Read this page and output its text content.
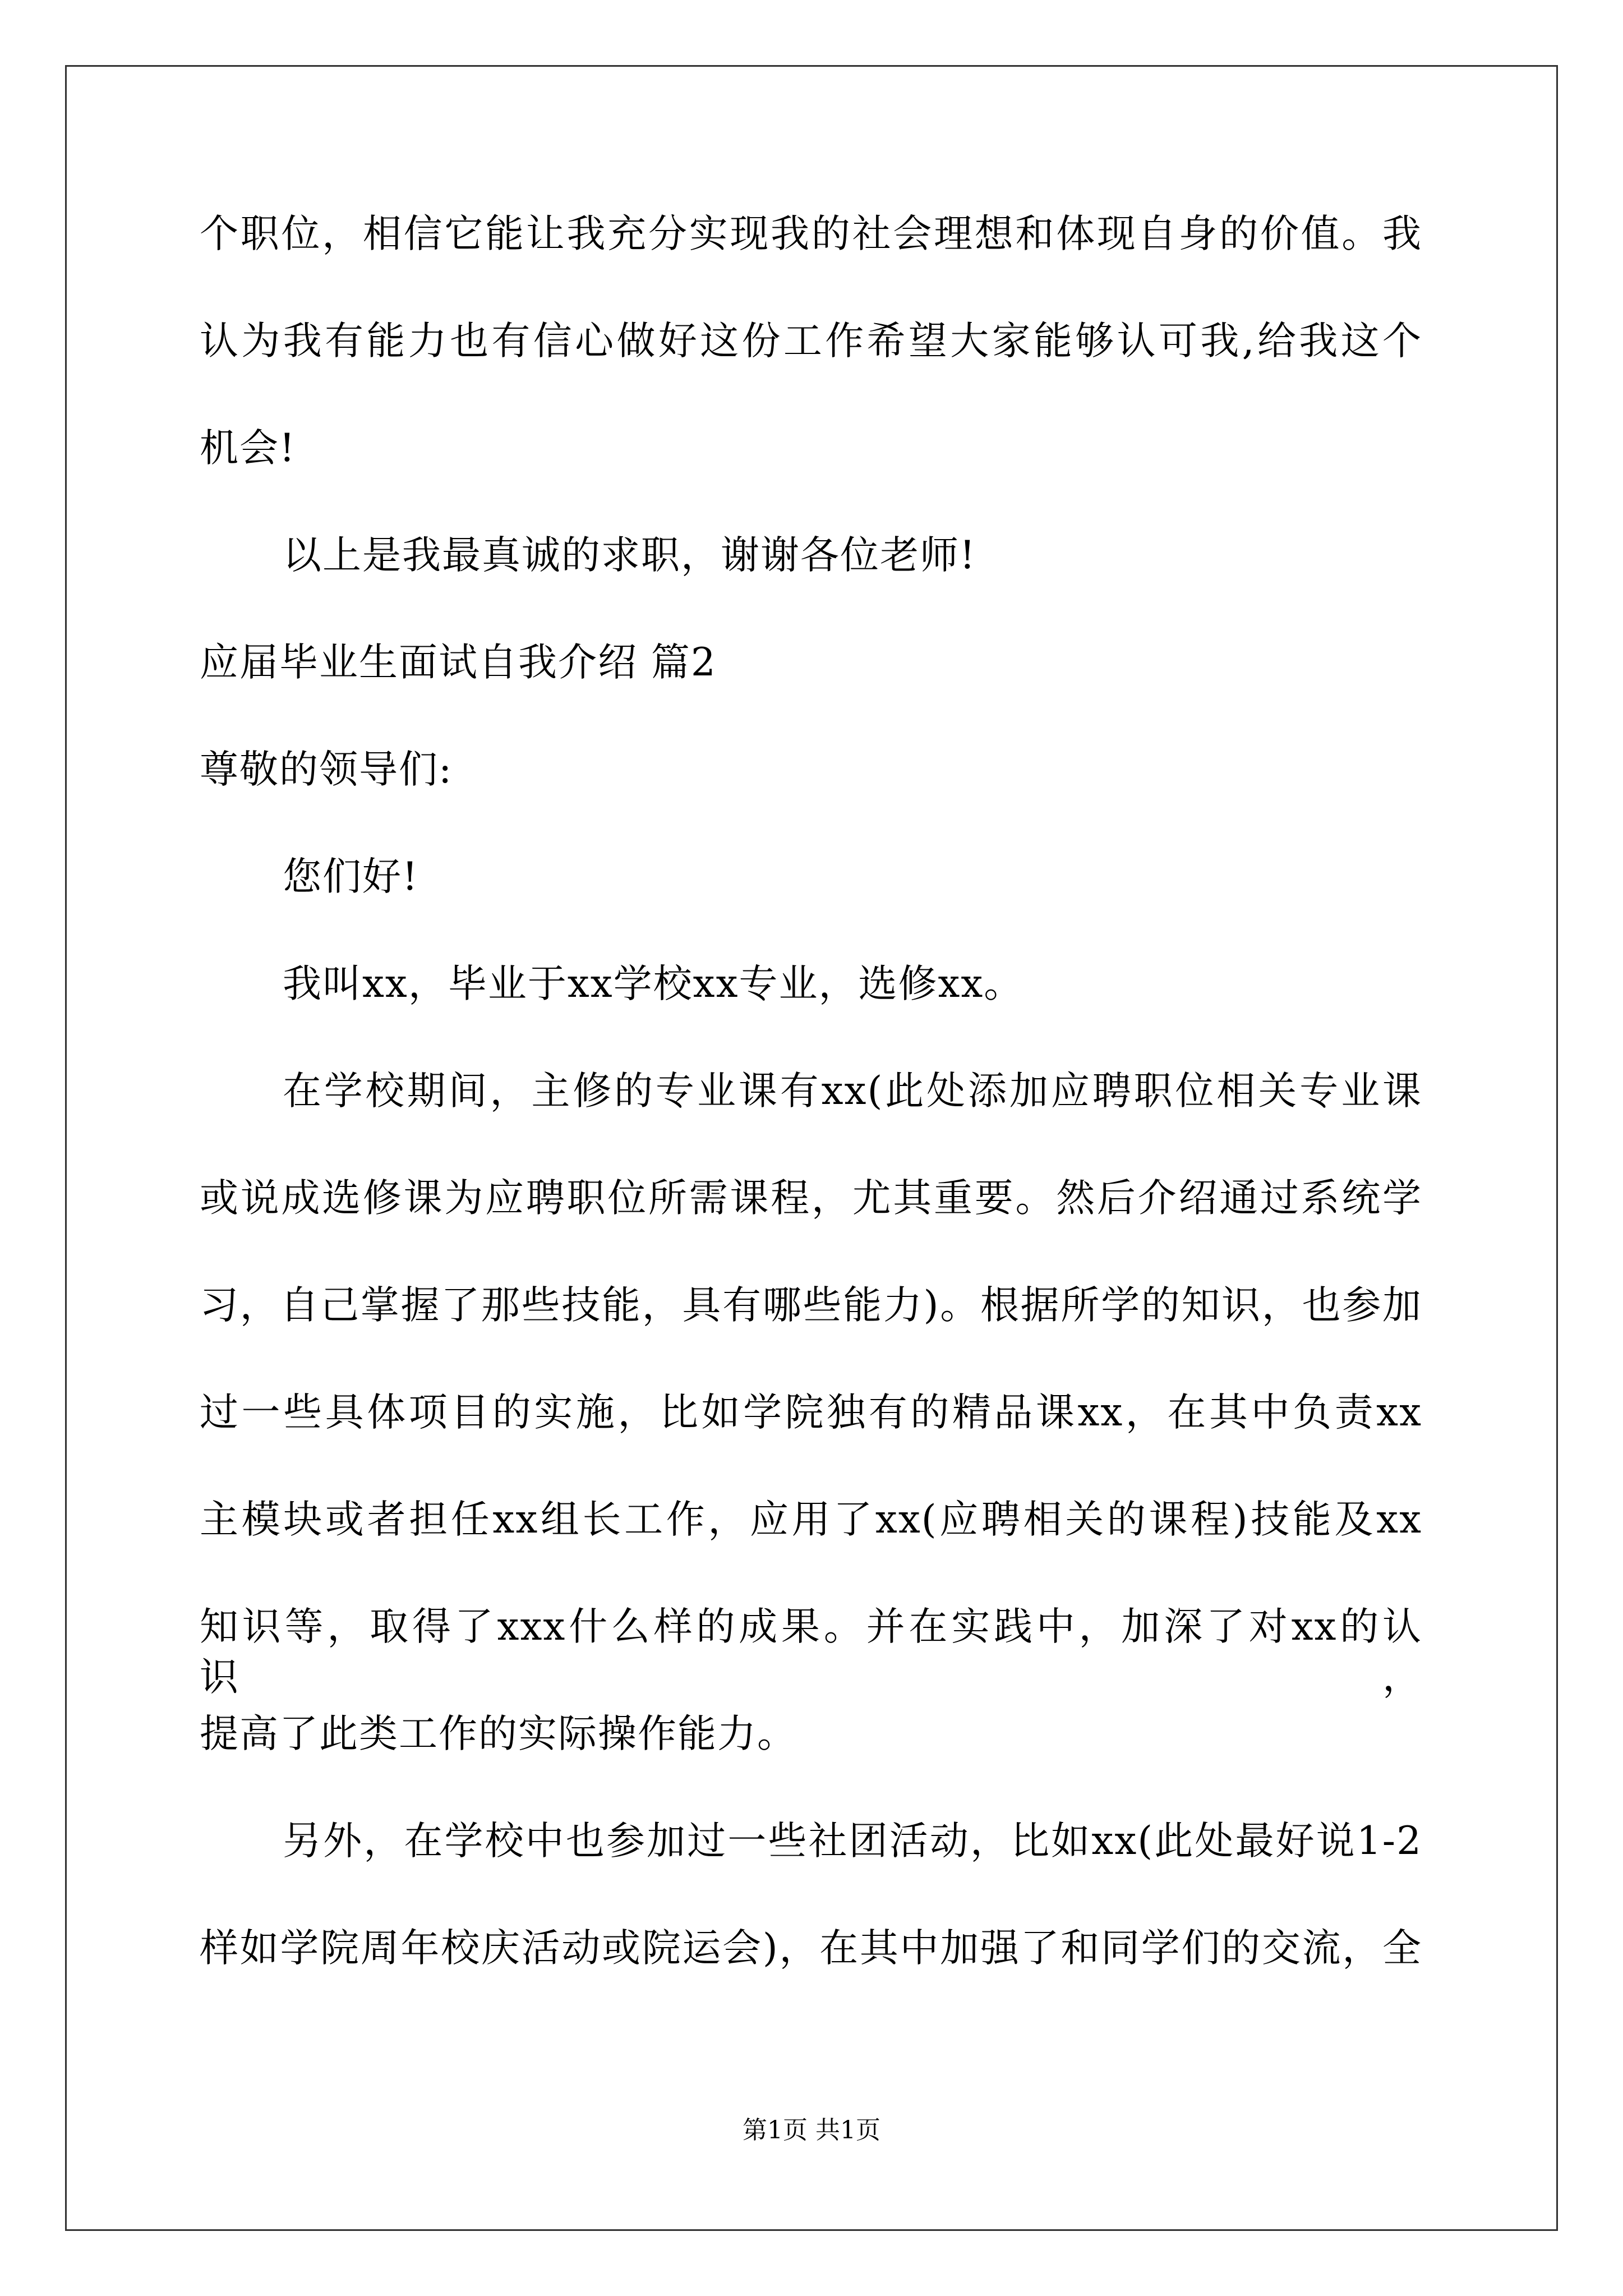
个职位，相信它能让我充分实现我的社会理想和体现自身的价值。我
认为我有能力也有信心做好这份工作希望大家能够认可我,给我这个
机会!
以上是我最真诚的求职，谢谢各位老师!
应届毕业生面试自我介绍 篇2
尊敬的领导们:
您们好!
我叫xx，毕业于xx学校xx专业，选修xx。
在学校期间，主修的专业课有xx(此处添加应聘职位相关专业课
或说成选修课为应聘职位所需课程，尤其重要。然后介绍通过系统学
习，自己掌握了那些技能，具有哪些能力)。根据所学的知识，也参加
过一些具体项目的实施，比如学院独有的精品课xx，在其中负责xx
主模块或者担任xx组长工作，应用了xx(应聘相关的课程)技能及xx
知识等，取得了xxx什么样的成果。并在实践中，加深了对xx的认识，
提高了此类工作的实际操作能力。
另外，在学校中也参加过一些社团活动，比如xx(此处最好说1-2
样如学院周年校庆活动或院运会)，在其中加强了和同学们的交流，全
第1页 共1页
